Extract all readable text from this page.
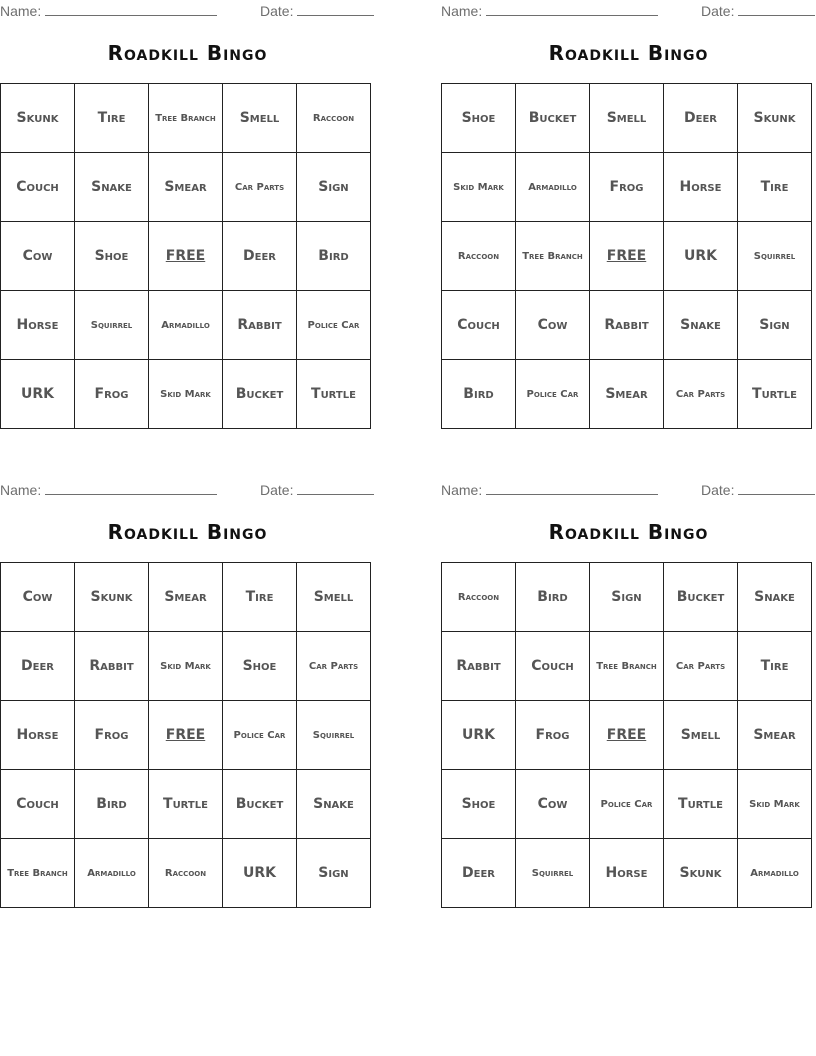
Name:	Date:
Roadkill Bingo
Skunk	Tire	Tree Branch	Smell	Raccoon
Couch	Snake	Smear	Car Parts	Sign
Cow	Shoe	FREE	Deer	Bird
Horse	Squirrel	Armadillo	Rabbit	Police Car
URK	Frog	Skid Mark	Bucket	Turtle
Name:	Date:
Roadkill Bingo
Shoe	Bucket	Smell	Deer	Skunk
Skid Mark	Armadillo	Frog	Horse	Tire
Raccoon	Tree Branch	FREE	URK	Squirrel
Couch	Cow	Rabbit	Snake	Sign
Bird	Police Car	Smear	Car Parts	Turtle
Name:	Date:
Roadkill Bingo
Cow	Skunk	Smear	Tire	Smell
Deer	Rabbit	Skid Mark	Shoe	Car Parts
Horse	Frog	FREE	Police Car	Squirrel
Couch	Bird	Turtle	Bucket	Snake
Tree Branch	Armadillo	Raccoon	URK	Sign
Name:	Date:
Roadkill Bingo
Raccoon	Bird	Sign	Bucket	Snake
Rabbit	Couch	Tree Branch	Car Parts	Tire
URK	Frog	FREE	Smell	Smear
Shoe	Cow	Police Car	Turtle	Skid Mark
Deer	Squirrel	Horse	Skunk	Armadillo
